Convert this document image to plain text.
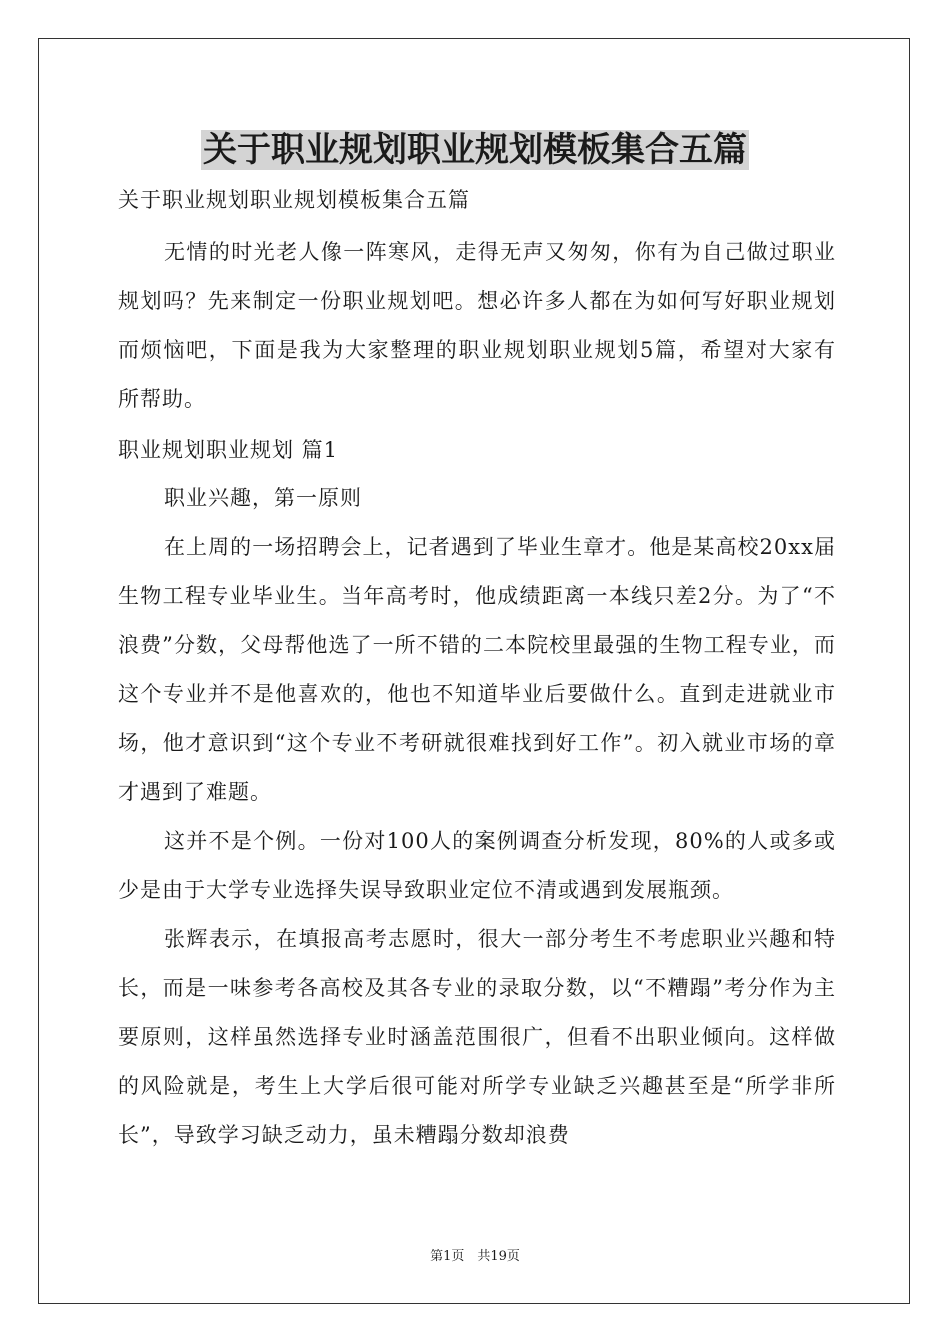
关于职业规划职业规划模板集合五篇

关于职业规划职业规划模板集合五篇

无情的时光老人像一阵寒风，走得无声又匆匆，你有为自己做过职业规划吗？先来制定一份职业规划吧。想必许多人都在为如何写好职业规划而烦恼吧，下面是我为大家整理的职业规划职业规划5篇，希望对大家有所帮助。

职业规划职业规划 篇1

职业兴趣，第一原则

在上周的一场招聘会上，记者遇到了毕业生章才。他是某高校20xx届生物工程专业毕业生。当年高考时，他成绩距离一本线只差2分。为了“不浪费”分数，父母帮他选了一所不错的二本院校里最强的生物工程专业，而这个专业并不是他喜欢的，他也不知道毕业后要做什么。直到走进就业市场，他才意识到“这个专业不考研就很难找到好工作”。初入就业市场的章才遇到了难题。

这并不是个例。一份对100人的案例调查分析发现，80%的人或多或少是由于大学专业选择失误导致职业定位不清或遇到发展瓶颈。

张辉表示，在填报高考志愿时，很大一部分考生不考虑职业兴趣和特长，而是一味参考各高校及其各专业的录取分数，以“不糟蹋”考分作为主要原则，这样虽然选择专业时涵盖范围很广，但看不出职业倾向。这样做的风险就是，考生上大学后很可能对所学专业缺乏兴趣甚至是“所学非所长”，导致学习缺乏动力，虽未糟蹋分数却浪费

第1页　共19页
